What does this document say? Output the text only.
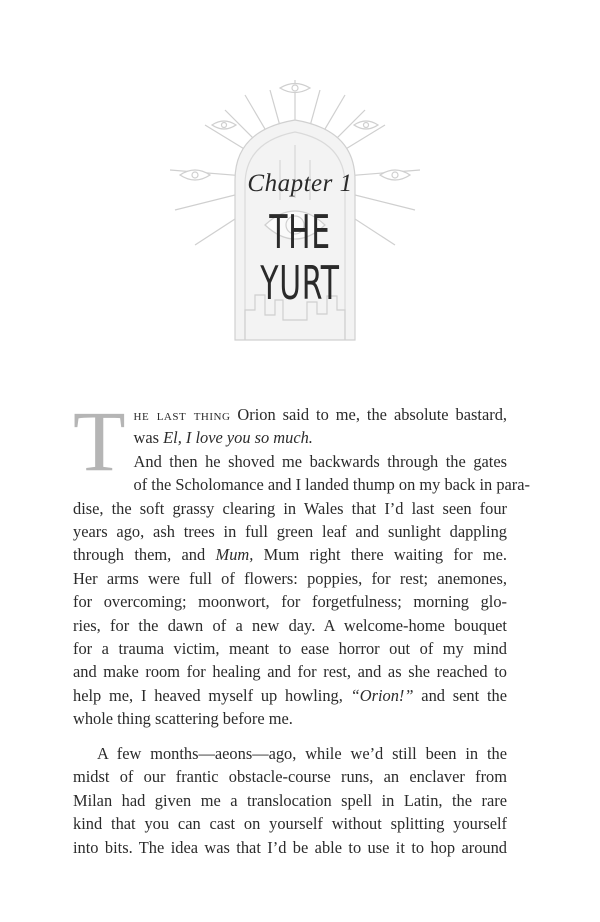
Chapter 1
THE
YURT

T he last thing Orion said to me, the absolute bastard,
was El, I love you so much.

And then he shoved me backwards through the gates
of the Scholomance and I landed thump on my back in para-
dise, the soft grassy clearing in Wales that I’d last seen four
years ago, ash trees in full green leaf and sunlight dappling
through them, and Mum, Mum right there waiting for me.
Her arms were full of flowers: poppies, for rest; anemones,
for overcoming; moonwort, for forgetfulness; morning glo-
ries, for the dawn of a new day. A welcome-home bouquet
for a trauma victim, meant to ease horror out of my mind
and make room for healing and for rest, and as she reached to
help me, I heaved myself up howling, “Orion!” and sent the
whole thing scattering before me.

A few months—aeons—ago, while we’d still been in the
midst of our frantic obstacle-course runs, an enclaver from
Milan had given me a translocation spell in Latin, the rare
kind that you can cast on yourself without splitting yourself
into bits. The idea was that I’d be able to use it to hop around
